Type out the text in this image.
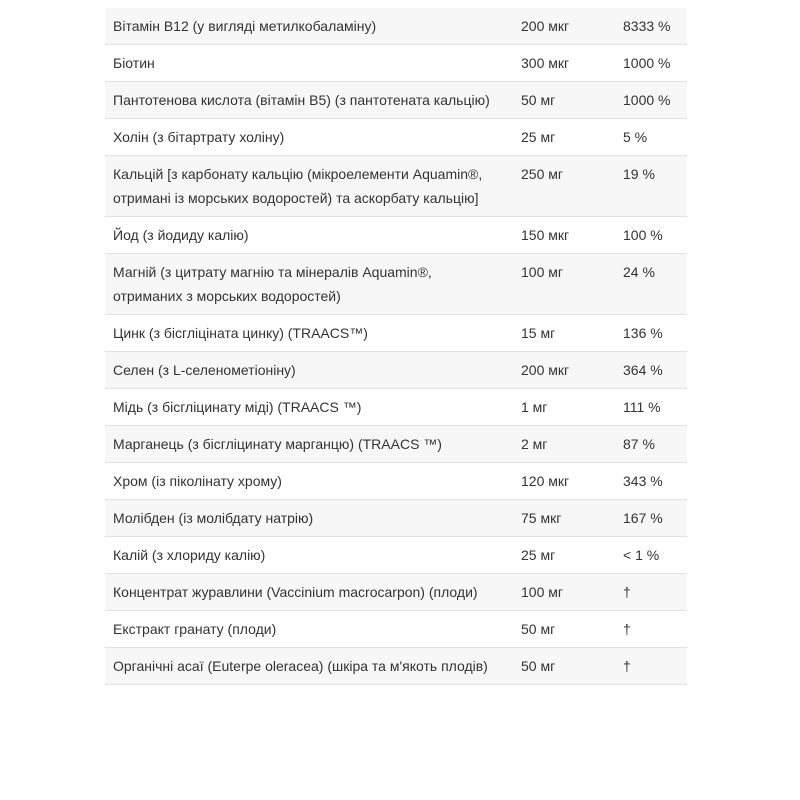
Вітамін B12 (у вигляді метилкобаламіну)	200 мкг	8333 %
Біотин	300 мкг	1000 %
Пантотенова кислота (вітамін B5) (з пантотената кальцію)	50 мг	1000 %
Холін (з бітартрату холіну)	25 мг	5 %
Кальцій [з карбонату кальцію (мікроелементи Aquamin®, отримані із морських водоростей) та аскорбату кальцію]	250 мг	19 %
Йод (з йодиду калію)	150 мкг	100 %
Магній (з цитрату магнію та мінералів Aquamin®, отриманих з морських водоростей)	100 мг	24 %
Цинк (з бісгліціната цинку) (TRAACS™)	15 мг	136 %
Селен (з L-селенометіоніну)	200 мкг	364 %
Мідь (з бісгліцинату міді) (TRAACS ™)	1 мг	111 %
Марганець (з бісгліцинату марганцю) (TRAACS ™)	2 мг	87 %
Хром (із піколінату хрому)	120 мкг	343 %
Молібден (із молібдату натрію)	75 мкг	167 %
Калій (з хлориду калію)	25 мг	< 1 %
Концентрат журавлини (Vaccinium macrocarpon) (плоди)	100 мг	†
Екстракт гранату (плоди)	50 мг	†
Органічні асаї (Euterpe oleracea) (шкіра та м'якоть плодів)	50 мг	†
